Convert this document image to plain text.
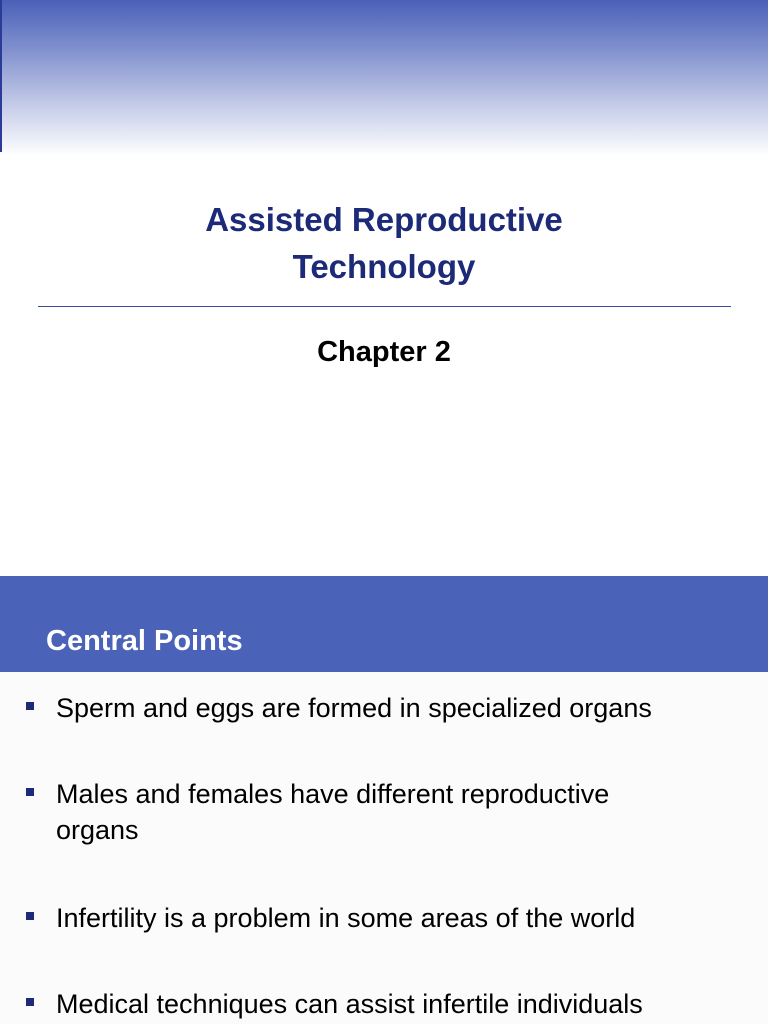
Assisted Reproductive
Technology
Chapter 2
Central Points
Sperm and eggs are formed in specialized organs
Males and females have different reproductive
organs
Infertility is a problem in some areas of the world
Medical techniques can assist infertile individuals
